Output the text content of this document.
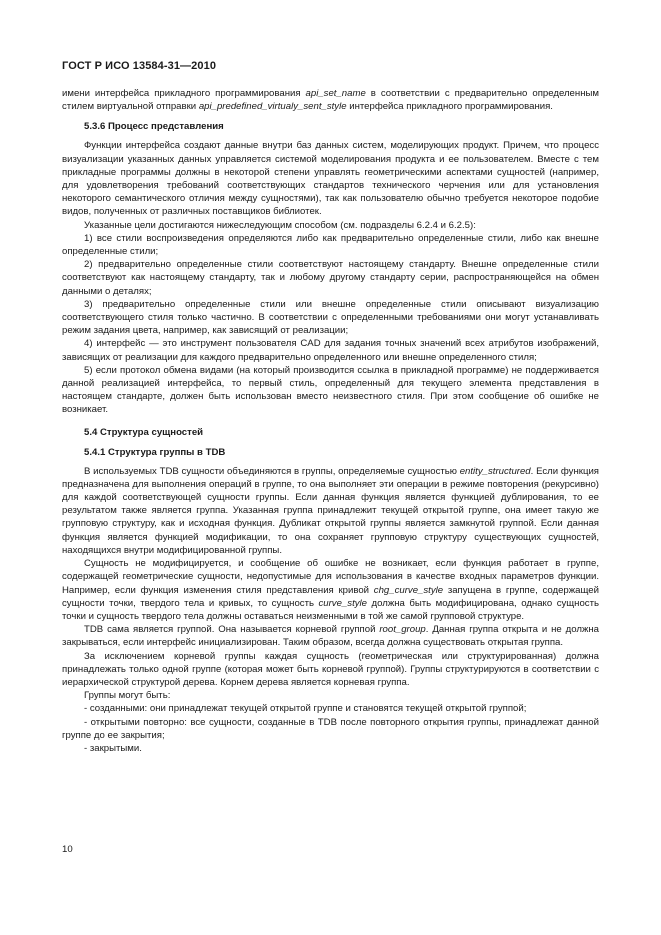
ГОСТ Р ИСО 13584-31—2010

имени интерфейса прикладного программирования api_set_name в соответствии с предварительно определенным стилем виртуальной отправки api_predefined_virtualy_sent_style интерфейса прикладного программирования.

5.3.6 Процесс представления

Функции интерфейса создают данные внутри баз данных систем, моделирующих продукт. Причем, что процесс визуализации указанных данных управляется системой моделирования продукта и ее пользователем. Вместе с тем прикладные программы должны в некоторой степени управлять геометрическими аспектами сущностей (например, для удовлетворения требований соответствующих стандартов технического черчения или для установления некоторого семантического отличия между сущностями), так как пользователю обычно требуется некоторое подобие видов, полученных от различных поставщиков библиотек.

Указанные цели достигаются нижеследующим способом (см. подразделы 6.2.4 и 6.2.5):

1) все стили воспроизведения определяются либо как предварительно определенные стили, либо как внешне определенные стили;

2) предварительно определенные стили соответствуют настоящему стандарту. Внешне определенные стили соответствуют как настоящему стандарту, так и любому другому стандарту серии, распространяющейся на обмен данными о деталях;

3) предварительно определенные стили или внешне определенные стили описывают визуализацию соответствующего стиля только частично. В соответствии с определенными требованиями они могут устанавливать режим задания цвета, например, как зависящий от реализации;

4) интерфейс — это инструмент пользователя CAD для задания точных значений всех атрибутов изображений, зависящих от реализации для каждого предварительно определенного или внешне определенного стиля;

5) если протокол обмена видами (на который производится ссылка в прикладной программе) не поддерживается данной реализацией интерфейса, то первый стиль, определенный для текущего элемента представления в настоящем стандарте, должен быть использован вместо неизвестного стиля. При этом сообщение об ошибке не возникает.

5.4 Структура сущностей
5.4.1 Структура группы в TDB

В используемых TDB сущности объединяются в группы, определяемые сущностью entity_structured. Если функция предназначена для выполнения операций в группе, то она выполняет эти операции в режиме повторения (рекурсивно) для каждой соответствующей сущности группы. Если данная функция является функцией дублирования, то ее результатом также является группа. Указанная группа принадлежит текущей открытой группе, она имеет такую же групповую структуру, как и исходная функция. Дубликат открытой группы является замкнутой группой. Если данная функция является функцией модификации, то она сохраняет групповую структуру существующих сущностей, находящихся внутри модифицированной группы.

Сущность не модифицируется, и сообщение об ошибке не возникает, если функция работает в группе, содержащей геометрические сущности, недопустимые для использования в качестве входных параметров функции. Например, если функция изменения стиля представления кривой chg_curve_style запущена в группе, содержащей сущности точки, твердого тела и кривых, то сущность curve_style должна быть модифицирована, однако сущность точки и сущность твердого тела должны оставаться неизменными в той же самой групповой структуре.

TDB сама является группой. Она называется корневой группой root_group. Данная группа открыта и не должна закрываться, если интерфейс инициализирован. Таким образом, всегда должна существовать открытая группа.

За исключением корневой группы каждая сущность (геометрическая или структурированная) должна принадлежать только одной группе (которая может быть корневой группой). Группы структурируются в соответствии с иерархической структурой дерева. Корнем дерева является корневая группа.

Группы могут быть:

- созданными: они принадлежат текущей открытой группе и становятся текущей открытой группой;

- открытыми повторно: все сущности, созданные в TDB после повторного открытия группы, принадлежат данной группе до ее закрытия;

- закрытыми.

10
